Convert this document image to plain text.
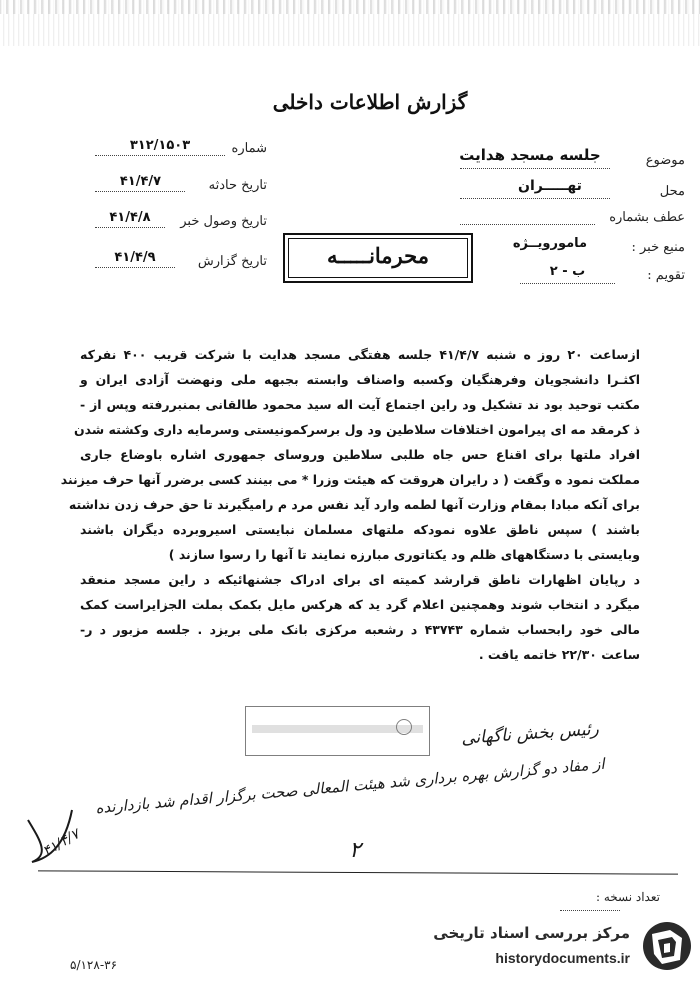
گزارش اطلاعات داخلی
شماره
۳۱۲/۱۵۰۳
تاریخ حادثه
۴۱/۴/۷
تاریخ وصول خبر
۴۱/۴/۸
تاریخ گزارش
۴۱/۴/۹
موضوع
جلسه مسجد هدایت
محل
تهـــــران
عطف بشماره
منبع خبر :
مامورویــژه
تقویم :
ب - ۲
محرمانـــــه
ازساعت ۲۰ روز ه شنبه ۴۱/۴/۷ جلسه هفتگی مسجد هدایت با شرکت قریب ۴۰۰ نفرکه
اکثـرا دانشجویان وفرهنگیان وکسبه واصناف وابسته بجبهه ملی ونهضت آزادی ایران و
مکتب توحید بود ند تشکیل ود راین اجتماع آیت اله سید محمود طالقانی بمنبررفته وپس از -
ذ کرمقد مه ای پیرامون اختلافات سلاطین ود ول برسرکمونیستی وسرمایه داری وکشته شدن
افراد ملتها برای اقناع حس جاه طلبی سلاطین وروسای جمهوری اشاره باوضاع جاری
مملکت نمود ه وگفت ( د رایران هروقت که هیئت وزرا * می بینند کسی برضرر آنها حرف میزنند
برای آنکه مبادا بمقام وزارت آنها لطمه وارد آید نفس مرد م رامیگیرند تا حق حرف زدن نداشته
باشند ) سپس ناطق علاوه نمودکه ملتهای مسلمان نبایستی اسیروبرده دیگران باشند
وبایستی با دستگاههای ظلم ود یکتاتوری مبارزه نمایند تا آنها را رسوا سازند )
د رپایان اظهارات ناطق قرارشد کمیته ای برای ادراک جشنهائیکه د راین مسجد منعقد
میگرد د انتخاب شوند وهمچنین اعلام گرد ید که هرکس مایل بکمک بملت الجزایراست کمک
مالی خود رابحساب شماره ۴۳۷۴۳ د رشعبه مرکزی بانک ملی بریزد . جلسه مزبور د ر-
ساعت ۲۲/۳۰ خاتمه یافت .
رئیس بخش ناگهانی
از مفاد دو گزارش بهره برداری شد هیئت المعالی صحت برگزار اقدام شد بازدارنده
۴۱/۴/۷	۲
تعداد نسخه :
مرکز بررسی اسناد تاریخی
historydocuments.ir
۵/۱۲۸-۳۶
